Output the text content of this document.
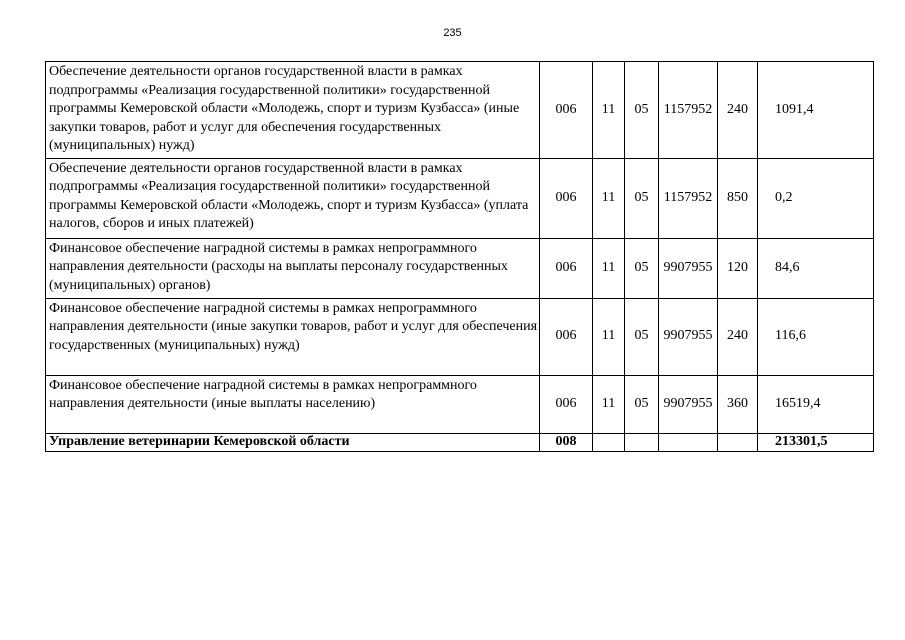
235
Обеспечение деятельности органов государственной власти в рамках подпрограммы «Реализация государственной политики» государственной программы Кемеровской области «Молодежь, спорт и туризм Кузбасса» (иные закупки товаров, работ и услуг для обеспечения государственных (муниципальных) нужд)	006	11	05	1157952	240	1091,4
Обеспечение деятельности органов государственной власти в рамках подпрограммы «Реализация государственной политики» государственной программы Кемеровской области «Молодежь, спорт и туризм Кузбасса» (уплата налогов, сборов и иных платежей)	006	11	05	1157952	850	0,2
Финансовое обеспечение наградной системы в рамках непрограммного направления деятельности (расходы на выплаты персоналу государственных (муниципальных) органов)	006	11	05	9907955	120	84,6
Финансовое обеспечение наградной системы в рамках непрограммного направления деятельности (иные закупки товаров, работ и услуг для обеспечения государственных (муниципальных) нужд)	006	11	05	9907955	240	116,6
Финансовое обеспечение наградной системы в рамках непрограммного направления деятельности (иные выплаты населению)	006	11	05	9907955	360	16519,4
Управление ветеринарии Кемеровской области	008					213301,5
